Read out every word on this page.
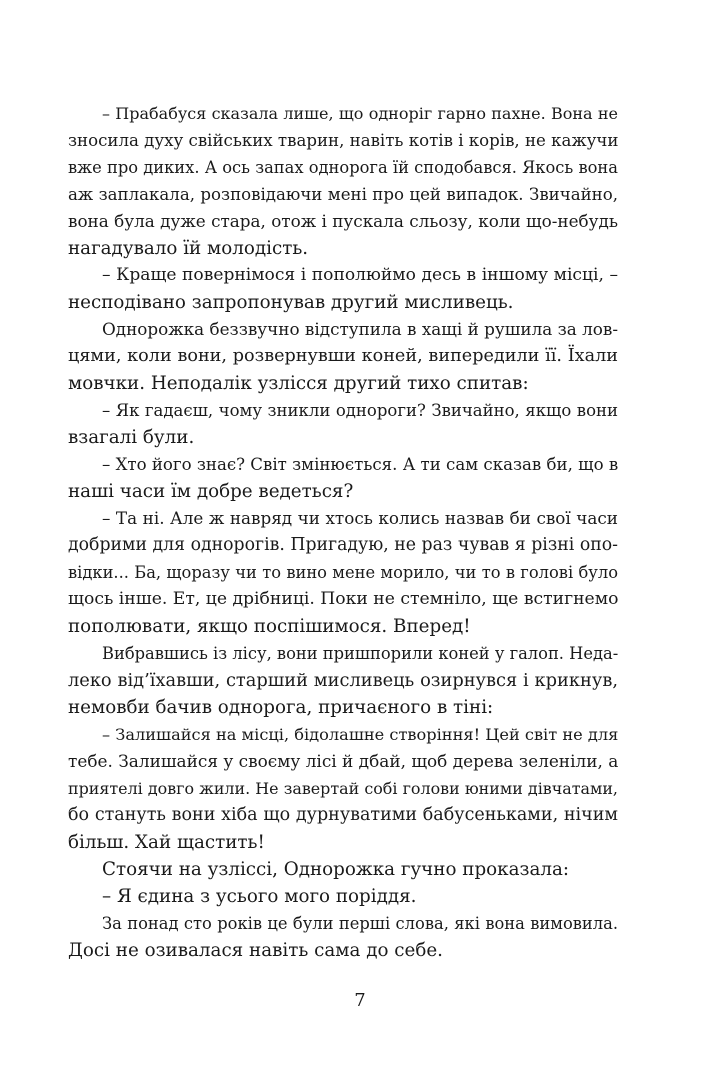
– Прабабуся сказала лише, що одноріг гарно пахне. Вона не
зносила духу свійських тварин, навіть котів і корів, не кажучи
вже про диких. А ось запах однорога їй сподобався. Якось вона
аж заплакала, розповідаючи мені про цей випадок. Звичайно,
вона була дуже стара, отож і пускала сльозу, коли що-небудь
нагадувало їй молодість.
– Краще повернімося і пополюймо десь в іншому місці, –
несподівано запропонував другий мисливець.
Однорожка беззвучно відступила в хащі й рушила за лов-
цями, коли вони, розвернувши коней, випередили її. Їхали
мовчки. Неподалік узлісся другий тихо спитав:
– Як гадаєш, чому зникли однороги? Звичайно, якщо вони
взагалі були.
– Хто його знає? Світ змінюється. А ти сам сказав би, що в
наші часи їм добре ведеться?
– Та ні. Але ж навряд чи хтось колись назвав би свої часи
добрими для однорогів. Пригадую, не раз чував я різні опо-
відки... Ба, щоразу чи то вино мене морило, чи то в голові було
щось інше. Ет, це дрібниці. Поки не стемніло, ще встигнемо
пополювати, якщо поспішимося. Вперед!
Вибравшись із лісу, вони пришпорили коней у галоп. Неда-
леко від’їхавши, старший мисливець озирнувся і крикнув,
немовби бачив однорога, причаєного в тіні:
– Залишайся на місці, бідолашне створіння! Цей світ не для
тебе. Залишайся у своєму лісі й дбай, щоб дерева зеленіли, а
приятелі довго жили. Не завертай собі голови юними дівчатами,
бо стануть вони хіба що дурнуватими бабусеньками, нічим
більш. Хай щастить!
Стоячи на узліссі, Однорожка гучно проказала:
– Я єдина з усього мого поріддя.
За понад сто років це були перші слова, які вона вимовила.
Досі не озивалася навіть сама до себе.
7
